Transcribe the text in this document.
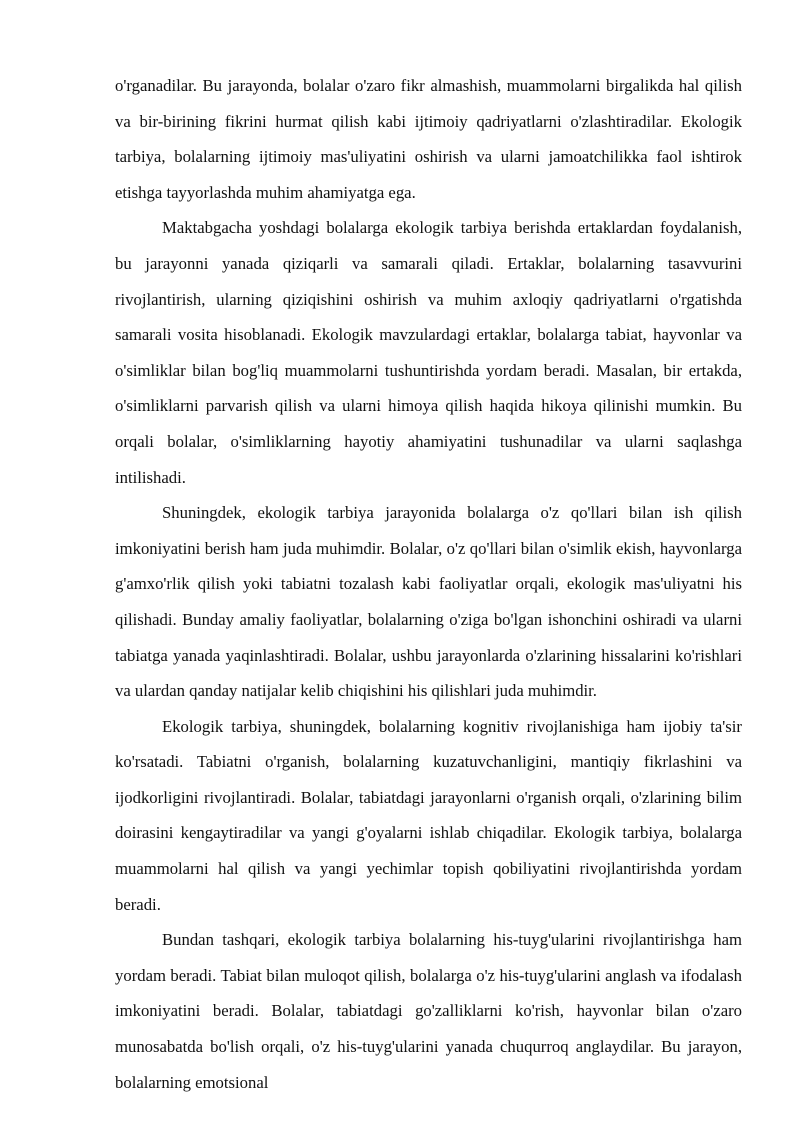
o'rganadilar. Bu jarayonda, bolalar o'zaro fikr almashish, muammolarni birgalikda hal qilish va bir-birining fikrini hurmat qilish kabi ijtimoiy qadriyatlarni o'zlashtiradilar. Ekologik tarbiya, bolalarning ijtimoiy mas'uliyatini oshirish va ularni jamoatchilikka faol ishtirok etishga tayyorlashda muhim ahamiyatga ega.

Maktabgacha yoshdagi bolalarga ekologik tarbiya berishda ertaklardan foydalanish, bu jarayonni yanada qiziqarli va samarali qiladi. Ertaklar, bolalarning tasavvurini rivojlantirish, ularning qiziqishini oshirish va muhim axloqiy qadriyatlarni o'rgatishda samarali vosita hisoblanadi. Ekologik mavzulardagi ertaklar, bolalarga tabiat, hayvonlar va o'simliklar bilan bog'liq muammolarni tushuntirishda yordam beradi. Masalan, bir ertakda, o'simliklarni parvarish qilish va ularni himoya qilish haqida hikoya qilinishi mumkin. Bu orqali bolalar, o'simliklarning hayotiy ahamiyatini tushunadilar va ularni saqlashga intilishadi.

Shuningdek, ekologik tarbiya jarayonida bolalarga o'z qo'llari bilan ish qilish imkoniyatini berish ham juda muhimdir. Bolalar, o'z qo'llari bilan o'simlik ekish, hayvonlarga g'amxo'rlik qilish yoki tabiatni tozalash kabi faoliyatlar orqali, ekologik mas'uliyatni his qilishadi. Bunday amaliy faoliyatlar, bolalarning o'ziga bo'lgan ishonchini oshiradi va ularni tabiatga yanada yaqinlashtiradi. Bolalar, ushbu jarayonlarda o'zlarining hissalarini ko'rishlari va ulardan qanday natijalar kelib chiqishini his qilishlari juda muhimdir.

Ekologik tarbiya, shuningdek, bolalarning kognitiv rivojlanishiga ham ijobiy ta'sir ko'rsatadi. Tabiatni o'rganish, bolalarning kuzatuvchanligini, mantiqiy fikrlashini va ijodkorligini rivojlantiradi. Bolalar, tabiatdagi jarayonlarni o'rganish orqali, o'zlarining bilim doirasini kengaytiradilar va yangi g'oyalarni ishlab chiqadilar. Ekologik tarbiya, bolalarga muammolarni hal qilish va yangi yechimlar topish qobiliyatini rivojlantirishda yordam beradi.

Bundan tashqari, ekologik tarbiya bolalarning his-tuyg'ularini rivojlantirishga ham yordam beradi. Tabiat bilan muloqot qilish, bolalarga o'z his-tuyg'ularini anglash va ifodalash imkoniyatini beradi. Bolalar, tabiatdagi go'zalliklarni ko'rish, hayvonlar bilan o'zaro munosabatda bo'lish orqali, o'z his-tuyg'ularini yanada chuqurroq anglaydilar. Bu jarayon, bolalarning emotsional
